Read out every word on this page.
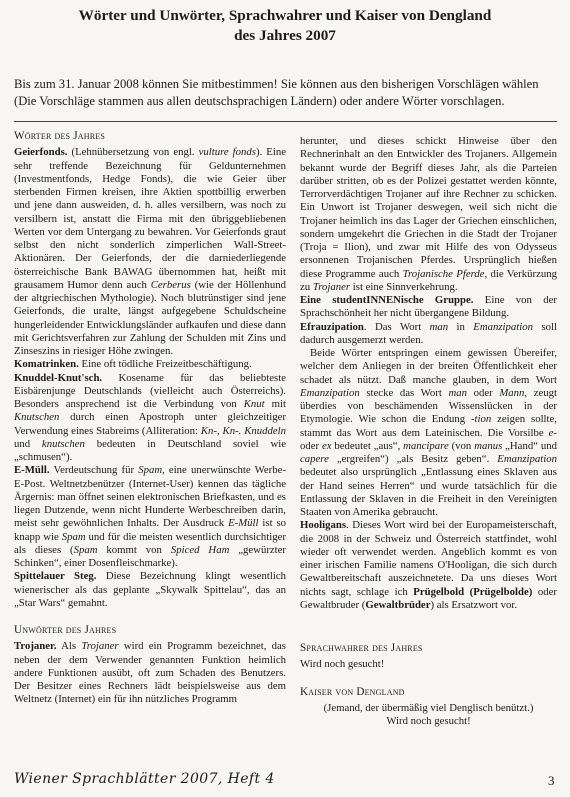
Wörter und Unwörter, Sprachwahrer und Kaiser von Dengland
des Jahres 2007
Bis zum 31. Januar 2008 können Sie mitbestimmen! Sie können aus den bisherigen Vorschlägen wählen (Die Vorschläge stammen aus allen deutschsprachigen Ländern) oder andere Wörter vorschlagen.
Wörter des Jahres

Geierfonds. (Lehnübersetzung von engl. vulture fonds). Eine sehr treffende Bezeichnung für Geldunternehmen (Investmentfonds, Hedge Fonds), die wie Geier über sterbenden Firmen kreisen, ihre Aktien spottbillig erwerben und jene dann ausweiden, d. h. alles versilbern, was noch zu versilbern ist, anstatt die Firma mit den übriggebliebenen Werten vor dem Untergang zu bewahren. Vor Geierfonds graut selbst den nicht sonderlich zimperlichen Wall-Street-Aktionären. Der Geierfonds, der die darniederliegende österreichische Bank BAWAG übernommen hat, heißt mit grausamem Humor denn auch Cerberus (wie der Höllenhund der altgriechischen Mythologie). Noch blutrünstiger sind jene Geierfonds, die uralte, längst aufgegebene Schuldscheine hungerleidender Entwicklungsländer aufkaufen und diese dann mit Gerichtsverfahren zur Zahlung der Schulden mit Zins und Zinseszins in riesiger Höhe zwingen.

Komatrinken. Eine oft tödliche Freizeitbeschäftigung.

Knuddel-Knut'sch. Kosename für das beliebteste Eisbärenjunge Deutschlands (vielleicht auch Österreichs). Besonders ansprechend ist die Verbindung von Knut mit Knutschen durch einen Apostroph unter gleichzeitiger Verwendung eines Stabreims (Alliteration: Kn-, Kn-. Knuddeln und knutschen bedeuten in Deutschland soviel wie „schmusen“).

E-Müll. Verdeutschung für Spam, eine unerwünschte Werbe-E-Post. Weltnetzbenützer (Internet-User) kennen das tägliche Ärgernis: man öffnet seinen elektronischen Briefkasten, und es liegen Dutzende, wenn nicht Hunderte Werbeschreiben darin, meist sehr gewöhnlichen Inhalts. Der Ausdruck E-Müll ist so knapp wie Spam und für die meisten wesentlich durchsichtiger als dieses (Spam kommt von Spiced Ham „gewürzter Schinken“, einer Dosenfleischmarke).

Spittelauer Steg. Diese Bezeichnung klingt wesentlich wienerischer als das geplante „Skywalk Spittelau“, das an „Star Wars“ gemahnt.

Unwörter des Jahres

Trojaner. Als Trojaner wird ein Programm bezeichnet, das neben der dem Verwender genannten Funktion heimlich andere Funktionen ausübt, oft zum Schaden des Benutzers. Der Besitzer eines Rechners lädt beispielsweise aus dem Weltnetz (Internet) ein für ihn nützliches Programm

herunter, und dieses schickt Hinweise über den Rechnerinhalt an den Entwickler des Trojaners. Allgemein bekannt wurde der Begriff dieses Jahr, als die Parteien darüber stritten, ob es der Polizei gestattet werden könnte, Terrorverdächtigen Trojaner auf ihre Rechner zu schicken. Ein Unwort ist Trojaner deswegen, weil sich nicht die Trojaner heimlich ins das Lager der Griechen einschlichen, sondern umgekehrt die Griechen in die Stadt der Trojaner (Troja = Ilion), und zwar mit Hilfe des von Odysseus ersonnenen Trojanischen Pferdes. Ursprünglich hießen diese Programme auch Trojanische Pferde, die Verkürzung zu Trojaner ist eine Sinnverkehrung.

Eine studentINNENische Gruppe. Eine von der Sprachschönheit her nicht übergangene Bildung.

Efrauzipation. Das Wort man in Emanzipation soll dadurch ausgemerzt werden.

Beide Wörter entspringen einem gewissen Übereifer, welcher dem Anliegen in der breiten Öffentlichkeit eher schadet als nützt. Daß manche glauben, in dem Wort Emanzipation stecke das Wort man oder Mann, zeugt überdies von beschämenden Wissenslücken in der Etymologie. Wie schon die Endung -tion zeigen sollte, stammt das Wort aus dem Lateinischen. Die Vorsilbe e- oder ex bedeutet „aus“, mancipare (von manus „Hand“ und capere „ergreifen“) „als Besitz geben“. Emanzipation bedeutet also ursprünglich „Entlassung eines Sklaven aus der Hand seines Herren“ und wurde tatsächlich für die Entlassung der Sklaven in die Freiheit in den Vereinigten Staaten von Amerika gebraucht.

Hooligans. Dieses Wort wird bei der Europameisterschaft, die 2008 in der Schweiz und Österreich stattfindet, wohl wieder oft verwendet werden. Angeblich kommt es von einer irischen Familie namens O'Hooligan, die sich durch Gewaltbereitschaft auszeichnetete. Da uns dieses Wort nichts sagt, schlage ich Prügelbold (Prügelbolde) oder Gewaltbruder (Gewaltbrüder) als Ersatzwort vor.

Sprachwahrer des Jahres

Wird noch gesucht!

Kaiser von Dengland

(Jemand, der übermäßig viel Denglisch benützt.)

Wird noch gesucht!

Wiener Sprachblätter 2007, Heft 4	3
